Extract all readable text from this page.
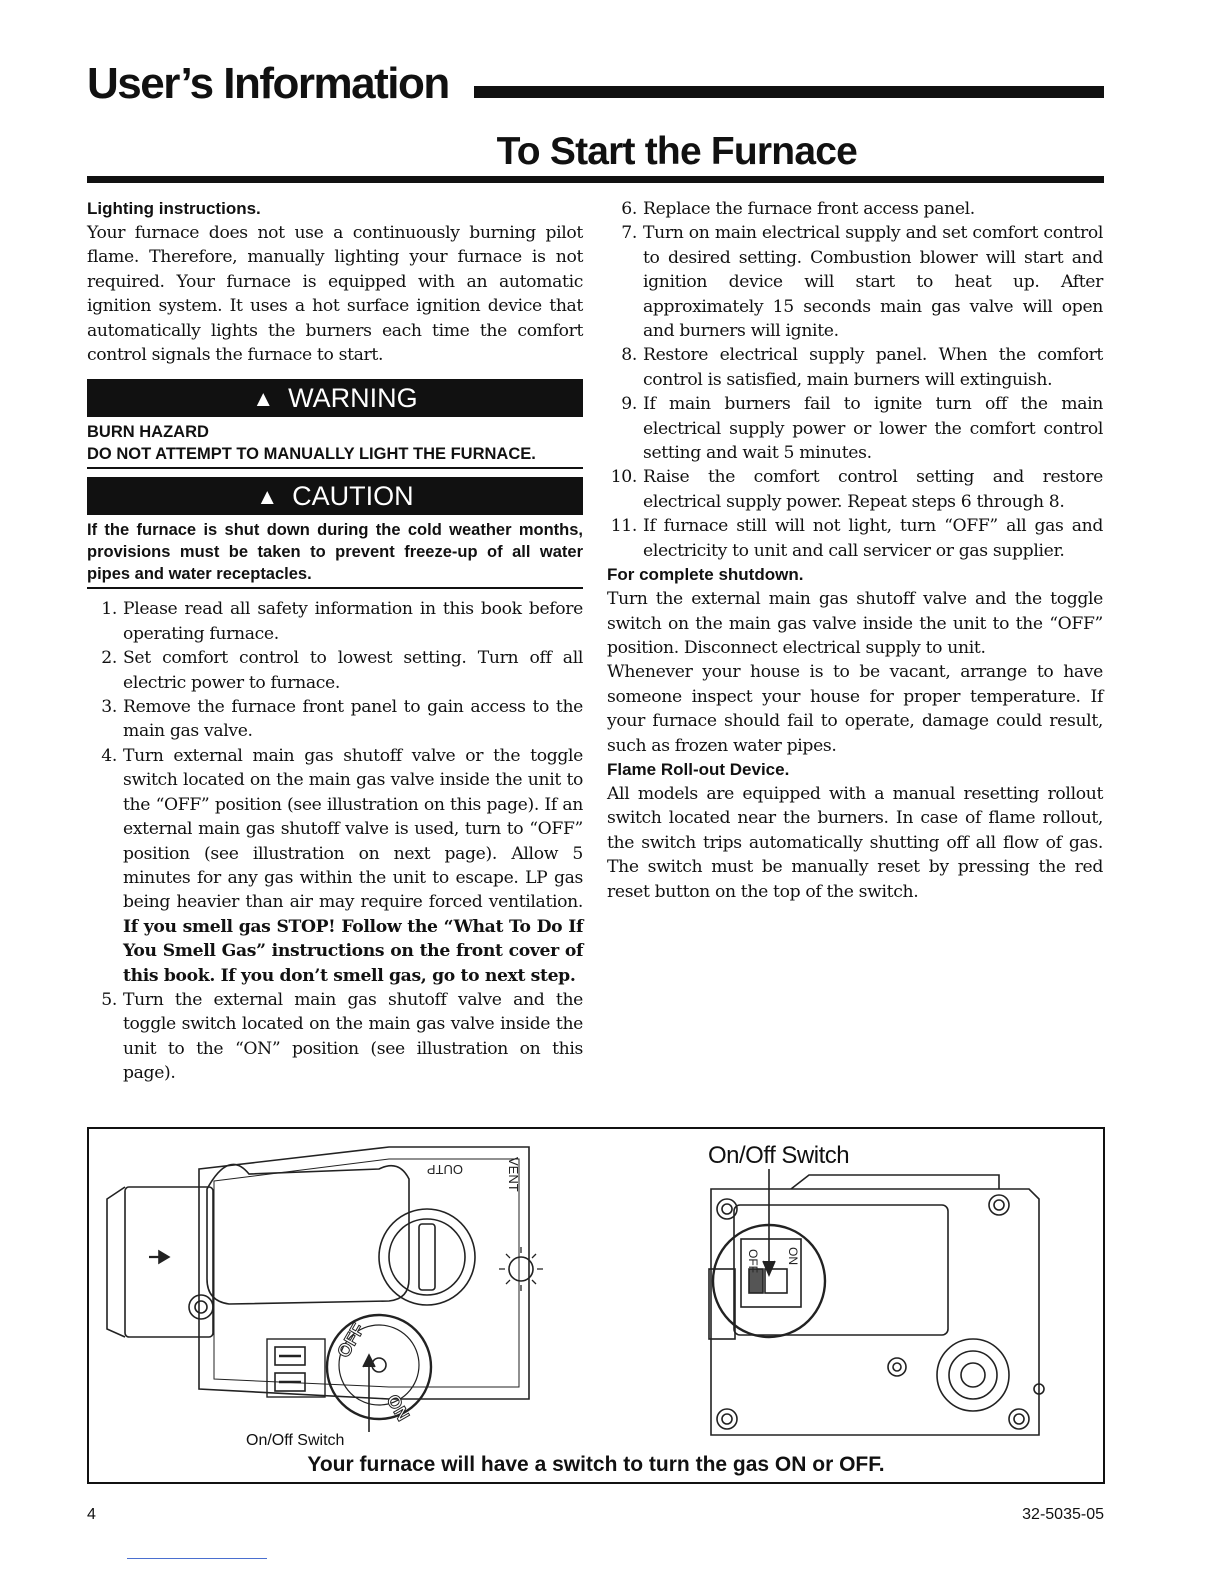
User’s Information
To Start the Furnace
Lighting instructions.

Your furnace does not use a continuously burning pilot flame. Therefore, manually lighting your furnace is not required. Your furnace is equipped with an automatic ignition system. It uses a hot surface ignition device that automatically lights the burners each time the comfort control signals the furnace to start.

▲ WARNING
BURN HAZARD
DO NOT ATTEMPT TO MANUALLY LIGHT THE FURNACE.
▲ CAUTION
If the furnace is shut down during the cold weather months, provisions must be taken to prevent freeze-up of all water pipes and water receptacles.
1. Please read all safety information in this book before operating furnace.
2. Set comfort control to lowest setting. Turn off all electric power to furnace.
3. Remove the furnace front panel to gain access to the main gas valve.
4. Turn external main gas shutoff valve or the toggle switch located on the main gas valve inside the unit to the “OFF” position (see illustration on this page). If an external main gas shutoff valve is used, turn to “OFF” position (see illustration on next page). Allow 5 minutes for any gas within the unit to escape. LP gas being heavier than air may require forced ventilation. If you smell gas STOP! Follow the “What To Do If You Smell Gas” instructions on the front cover of this book. If you don’t smell gas, go to next step.
5. Turn the external main gas shutoff valve and the toggle switch located on the main gas valve inside the unit to the “ON” position (see illustration on this page).
6. Replace the furnace front access panel.
7. Turn on main electrical supply and set comfort control to desired setting. Combustion blower will start and ignition device will start to heat up. After approximately 15 seconds main gas valve will open and burners will ignite.
8. Restore electrical supply panel. When the comfort control is satisfied, main burners will extinguish.
9. If main burners fail to ignite turn off the main electrical supply power or lower the comfort control setting and wait 5 minutes.
10. Raise the comfort control setting and restore electrical supply power. Repeat steps 6 through 8.
11. If furnace still will not light, turn “OFF” all gas and electricity to unit and call servicer or gas supplier.
For complete shutdown.

Turn the external main gas shutoff valve and the toggle switch on the main gas valve inside the unit to the “OFF” position. Disconnect electrical supply to unit.

Whenever your house is to be vacant, arrange to have someone inspect your house for proper temperature. If your furnace should fail to operate, damage could result, such as frozen water pipes.

Flame Roll-out Device.

All models are equipped with a manual resetting rollout switch located near the burners. In case of flame rollout, the switch trips automatically shutting off all flow of gas. The switch must be manually reset by pressing the red reset button on the top of the switch.

OFF
ON
OUTP	VENT
OFF ON
On/Off Switch
On/Off Switch
Your furnace will have a switch to turn the gas ON or OFF.
4	32-5035-05
